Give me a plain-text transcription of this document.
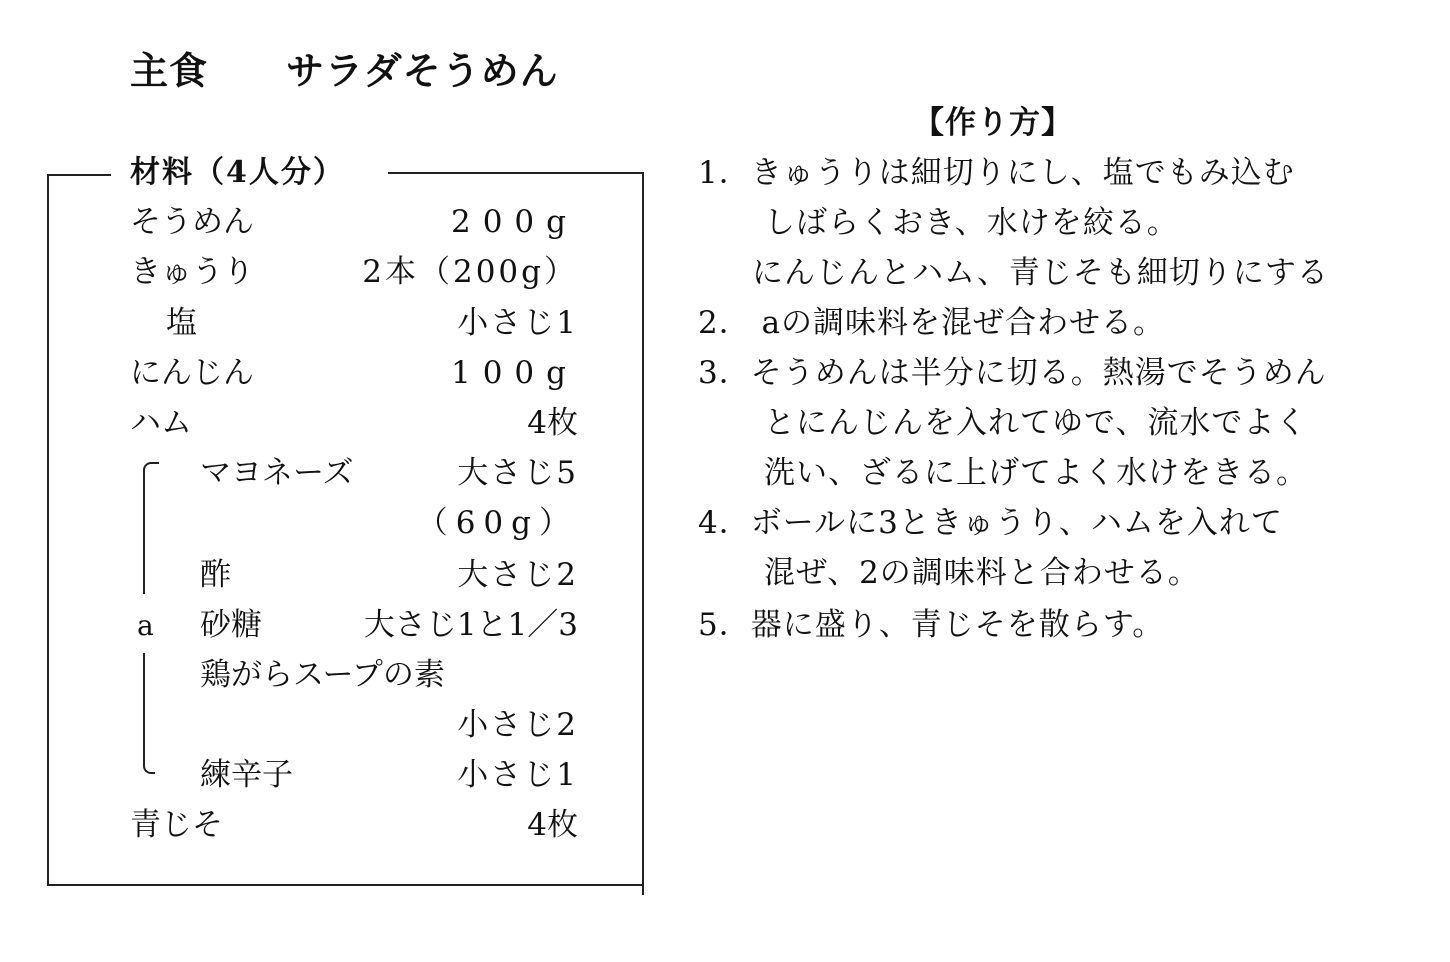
主食　　サラダそうめん
材料（4人分）
そうめん	200g
きゅうり	2本（200g）
塩	小さじ1
にんじん	100g
ハム	4枚
a
マヨネーズ	大さじ5
（60g）
酢	大さじ2
砂糖	大さじ1と1／3
鶏がらスープの素
小さじ2
練辛子	小さじ1
青じそ	4枚
【作り方】
1．きゅうりは細切りにし、塩でもみ込む
しばらくおき、水けを絞る。
にんじんとハム、青じそも細切りにする
2． aの調味料を混ぜ合わせる。
3．そうめんは半分に切る。熱湯でそうめん
とにんじんを入れてゆで、流水でよく
洗い、ざるに上げてよく水けをきる。
4．ボールに3ときゅうり、ハムを入れて
混ぜ、2の調味料と合わせる。
5．器に盛り、青じそを散らす。
